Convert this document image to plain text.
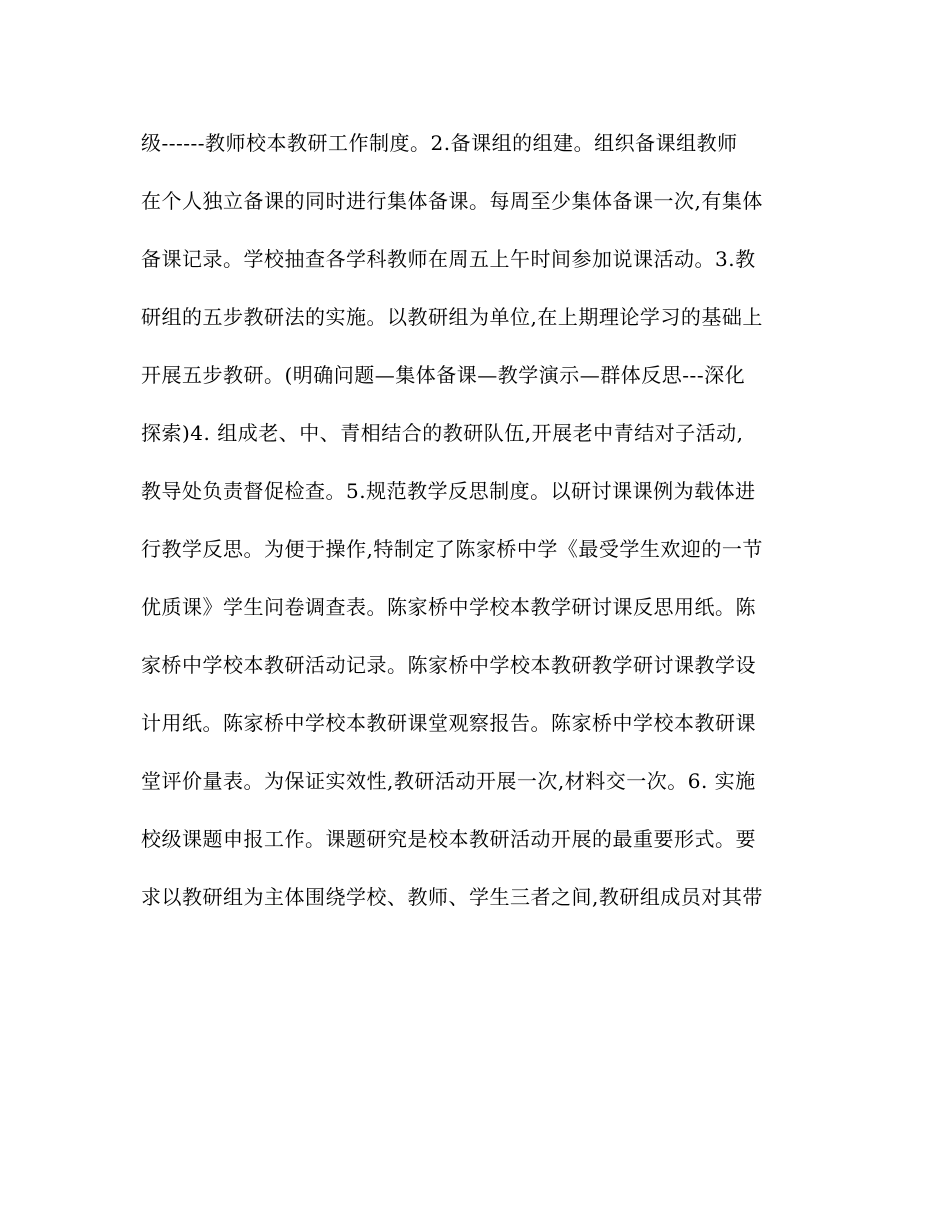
级------教师校本教研工作制度。2.备课组的组建。组织备课组教师
在个人独立备课的同时进行集体备课。每周至少集体备课一次,有集体
备课记录。学校抽查各学科教师在周五上午时间参加说课活动。3.教
研组的五步教研法的实施。以教研组为单位,在上期理论学习的基础上
开展五步教研。(明确问题—集体备课—教学演示—群体反思---深化
探索)4. 组成老、中、青相结合的教研队伍,开展老中青结对子活动,
教导处负责督促检查。5.规范教学反思制度。以研讨课课例为载体进
行教学反思。为便于操作,特制定了陈家桥中学《最受学生欢迎的一节
优质课》学生问卷调查表。陈家桥中学校本教学研讨课反思用纸。陈
家桥中学校本教研活动记录。陈家桥中学校本教研教学研讨课教学设
计用纸。陈家桥中学校本教研课堂观察报告。陈家桥中学校本教研课
堂评价量表。为保证实效性,教研活动开展一次,材料交一次。6. 实施
校级课题申报工作。课题研究是校本教研活动开展的最重要形式。要
求以教研组为主体围绕学校、教师、学生三者之间,教研组成员对其带
